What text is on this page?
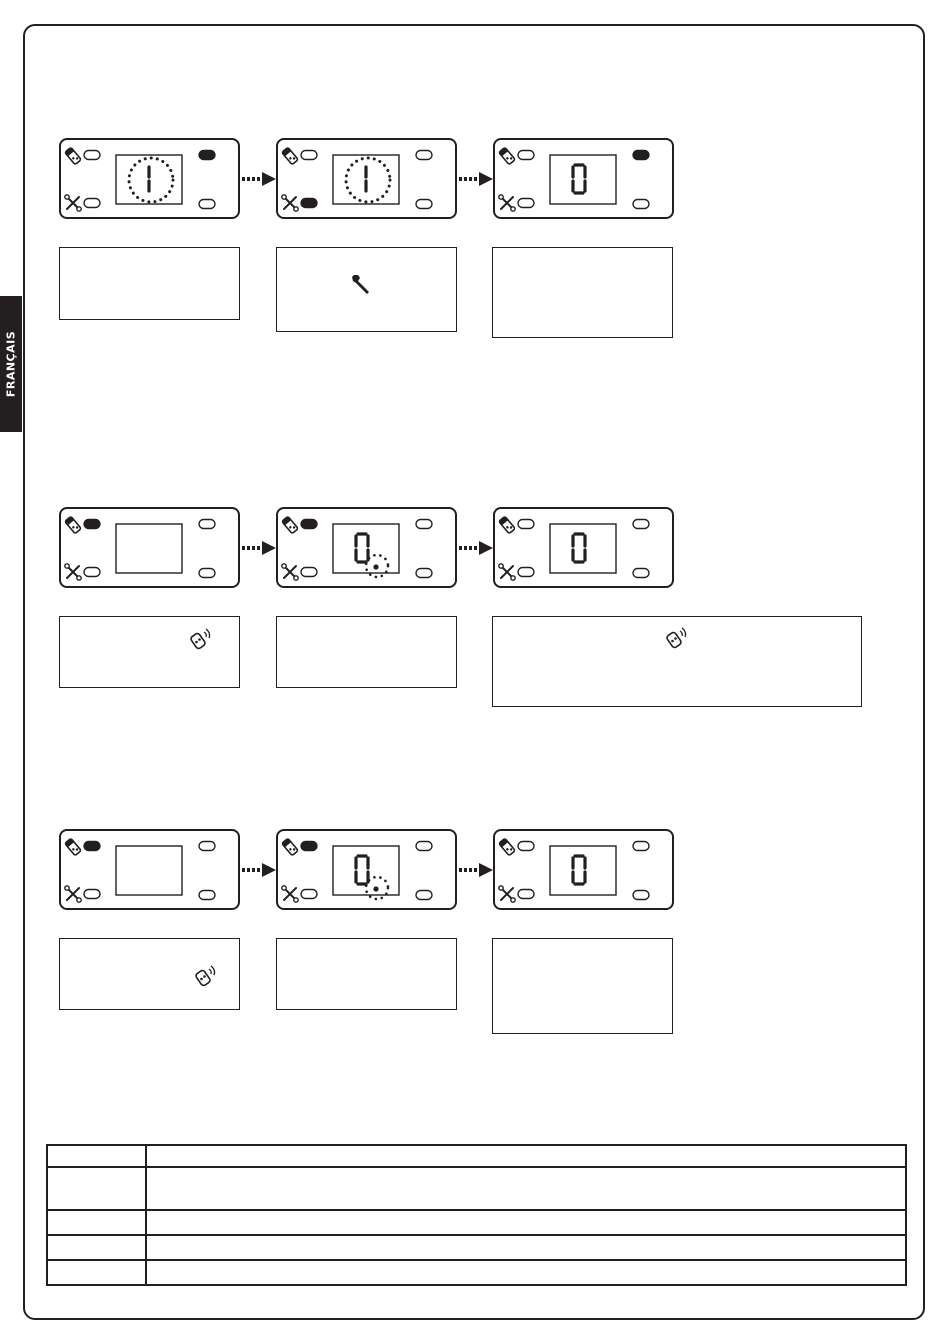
FRANÇAIS
